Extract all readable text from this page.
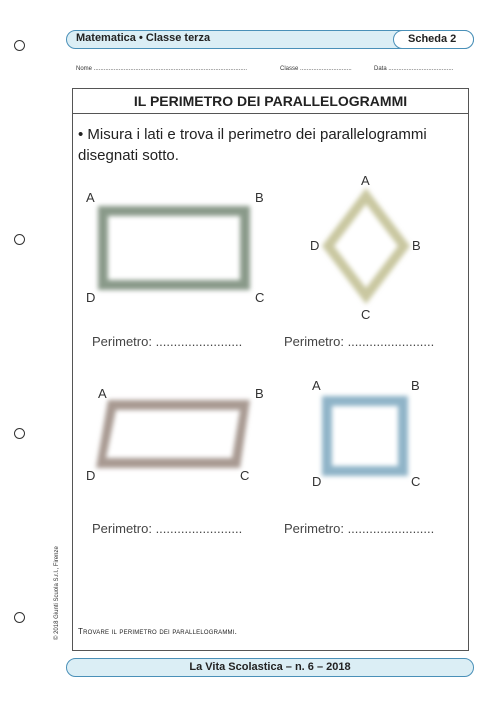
Matematica • Classe terza	Scheda 2
Nome ............................................................................................	Classe ...............................	Data .......................................
IL PERIMETRO DEI PARALLELOGRAMMI
• Misura i lati e trova il perimetro dei parallelogrammi disegnati sotto.
A	B
C
D
A
B
C
D
A	B
C
D
A	B
C
D
Perimetro: ........................	Perimetro: ........................
Perimetro: ........................	Perimetro: ........................
Trovare il perimetro dei parallelogrammi.
© 2018 Giunti Scuola S.r.l., Firenze
La Vita Scolastica – n. 6 – 2018
